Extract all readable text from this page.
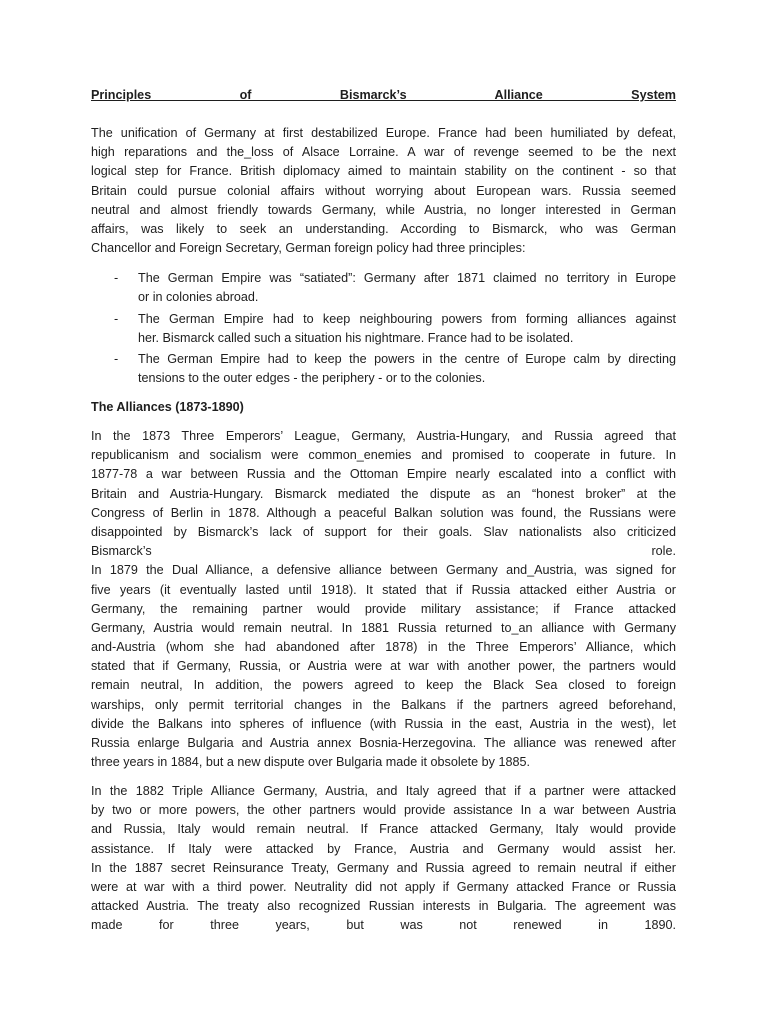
Principles of Bismarck’s Alliance System
The unification of Germany at first destabilized Europe. France had been humiliated by defeat,
high reparations and the_loss of Alsace Lorraine. A war of revenge seemed to be the next
logical step for France. British diplomacy aimed to maintain stability on the continent - so that
Britain could pursue colonial affairs without worrying about European wars. Russia seemed
neutral and almost friendly towards Germany, while Austria, no longer interested in German
affairs, was likely to seek an understanding. According to Bismarck, who was German
Chancellor and Foreign Secretary, German foreign policy had three principles:
- The German Empire was “satiated”: Germany after 1871 claimed no territory in Europe
or in colonies abroad.
- The German Empire had to keep neighbouring powers from forming alliances against
her. Bismarck called such a situation his nightmare. France had to be isolated.
- The German Empire had to keep the powers in the centre of Europe calm by directing
tensions to the outer edges - the periphery - or to the colonies.
The Alliances (1873-1890)
In the 1873 Three Emperors’ League, Germany, Austria-Hungary, and Russia agreed that
republicanism and socialism were common_enemies and promised to cooperate in future. In
1877-78 a war between Russia and the Ottoman Empire nearly escalated into a conflict with
Britain and Austria-Hungary. Bismarck mediated the dispute as an “honest broker” at the
Congress of Berlin in 1878. Although a peaceful Balkan solution was found, the Russians were
disappointed by Bismarck’s lack of support for their goals. Slav nationalists also criticized
Bismarck’s role.
In 1879 the Dual Alliance, a defensive alliance between Germany and_Austria, was signed for
five years (it eventually lasted until 1918). It stated that if Russia attacked either Austria or
Germany, the remaining partner would provide military assistance; if France attacked
Germany, Austria would remain neutral. In 1881 Russia returned to_an alliance with Germany
and-Austria (whom she had abandoned after 1878) in the Three Emperors’ Alliance, which
stated that if Germany, Russia, or Austria were at war with another power, the partners would
remain neutral, In addition, the powers agreed to keep the Black Sea closed to foreign
warships, only permit territorial changes in the Balkans if the partners agreed beforehand,
divide the Balkans into spheres of influence (with Russia in the east, Austria in the west), let
Russia enlarge Bulgaria and Austria annex Bosnia-Herzegovina. The alliance was renewed after
three years in 1884, but a new dispute over Bulgaria made it obsolete by 1885.
In the 1882 Triple Alliance Germany, Austria, and Italy agreed that if a partner were attacked
by two or more powers, the other partners would provide assistance In a war between Austria
and Russia, Italy would remain neutral. If France attacked Germany, Italy would provide
assistance. If Italy were attacked by France, Austria and Germany would assist her.
In the 1887 secret Reinsurance Treaty, Germany and Russia agreed to remain neutral if either
were at war with a third power. Neutrality did not apply if Germany attacked France or Russia
attacked Austria. The treaty also recognized Russian interests in Bulgaria. The agreement was
made for three years, but was not renewed in 1890.
